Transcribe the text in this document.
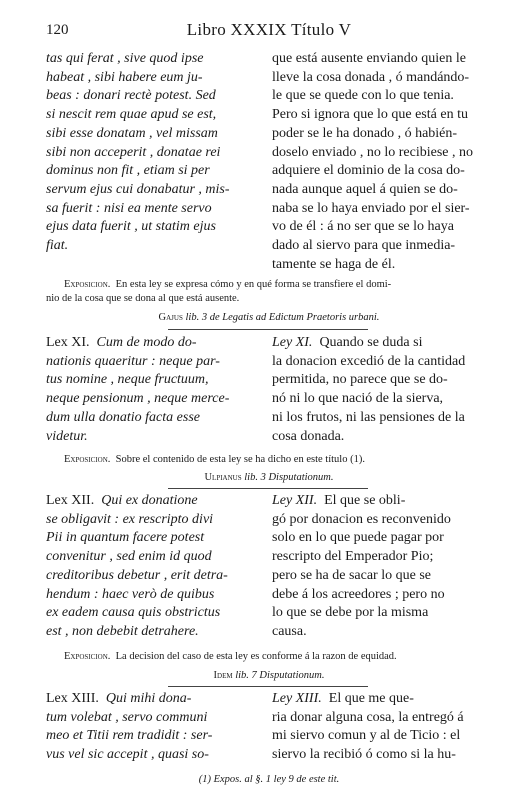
120	Libro XXXIX Título V
tas qui ferat , sive quod ipse
habeat , sibi habere eum ju-
beas : donari rectè potest. Sed
si nescit rem quae apud se est,
sibi esse donatam , vel missam
sibi non acceperit , donatae rei
dominus non fit , etiam si per
servum ejus cui donabatur , mis-
sa fuerit : nisi ea mente servo
ejus data fuerit , ut statim ejus
fiat.
que está ausente enviando quien le
lleve la cosa donada , ó mandándo-
le que se quede con lo que tenia.
Pero si ignora que lo que está en tu
poder se le ha donado , ó habién-
doselo enviado , no lo recibiese , no
adquiere el dominio de la cosa do-
nada aunque aquel á quien se do-
naba se lo haya enviado por el sier-
vo de él : á no ser que se lo haya
dado al siervo para que inmedia-
tamente se haga de él.
Exposicion. En esta ley se expresa cómo y en qué forma se transfiere el domi-
nio de la cosa que se dona al que está ausente.
Gajus lib. 3 de Legatis ad Edictum Praetoris urbani.
Lex XI. Cum de modo do-
nationis quaeritur : neque par-
tus nomine , neque fructuum,
neque pensionum , neque merce-
dum ulla donatio facta esse
videtur.
Ley XI. Quando se duda si
la donacion excedió de la cantidad
permitida, no parece que se do-
nó ni lo que nació de la sierva,
ni los frutos, ni las pensiones de la
cosa donada.
Exposicion. Sobre el contenido de esta ley se ha dicho en este título (1).
Ulpianus lib. 3 Disputationum.
Lex XII. Qui ex donatione
se obligavit : ex rescripto divi
Pii in quantum facere potest
convenitur , sed enim id quod
creditoribus debetur , erit detra-
hendum : haec verò de quibus
ex eadem causa quis obstrictus
est , non debebit detrahere.
Ley XII. El que se obli-
gó por donacion es reconvenido
solo en lo que puede pagar por
rescripto del Emperador Pio;
pero se ha de sacar lo que se
debe á los acreedores ; pero no
lo que se debe por la misma
causa.
Exposicion. La decision del caso de esta ley es conforme á la razon de equidad.
Idem lib. 7 Disputationum.
Lex XIII. Qui mihi dona-
tum volebat , servo communi
meo et Titii rem tradidit : ser-
vus vel sic accepit , quasi so-
Ley XIII. El que me que-
ria donar alguna cosa, la entregó á
mi siervo comun y al de Ticio : el
siervo la recibió ó como si la hu-
(1) Expos. al §. 1 ley 9 de este tit.
